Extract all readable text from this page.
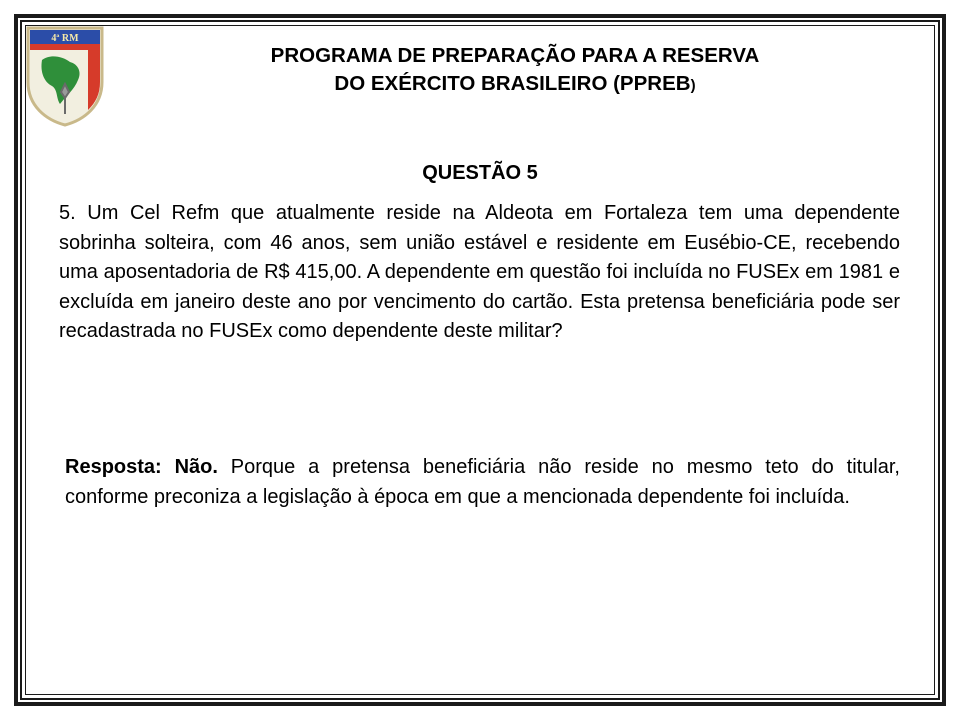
4ª RM
PROGRAMA DE PREPARAÇÃO PARA A RESERVA
DO EXÉRCITO BRASILEIRO (PPREB)
QUESTÃO 5
5. Um Cel Refm que atualmente reside na Aldeota em Fortaleza tem uma dependente sobrinha solteira, com 46 anos, sem união estável e residente em Eusébio-CE, recebendo uma aposentadoria de R$ 415,00. A dependente em questão foi incluída no FUSEx em 1981 e excluída em janeiro deste ano por vencimento do cartão. Esta pretensa beneficiária pode ser recadastrada no FUSEx como dependente deste militar?
Resposta: Não. Porque a pretensa beneficiária não reside no mesmo teto do titular, conforme preconiza a legislação à época em que a mencionada dependente foi incluída.
